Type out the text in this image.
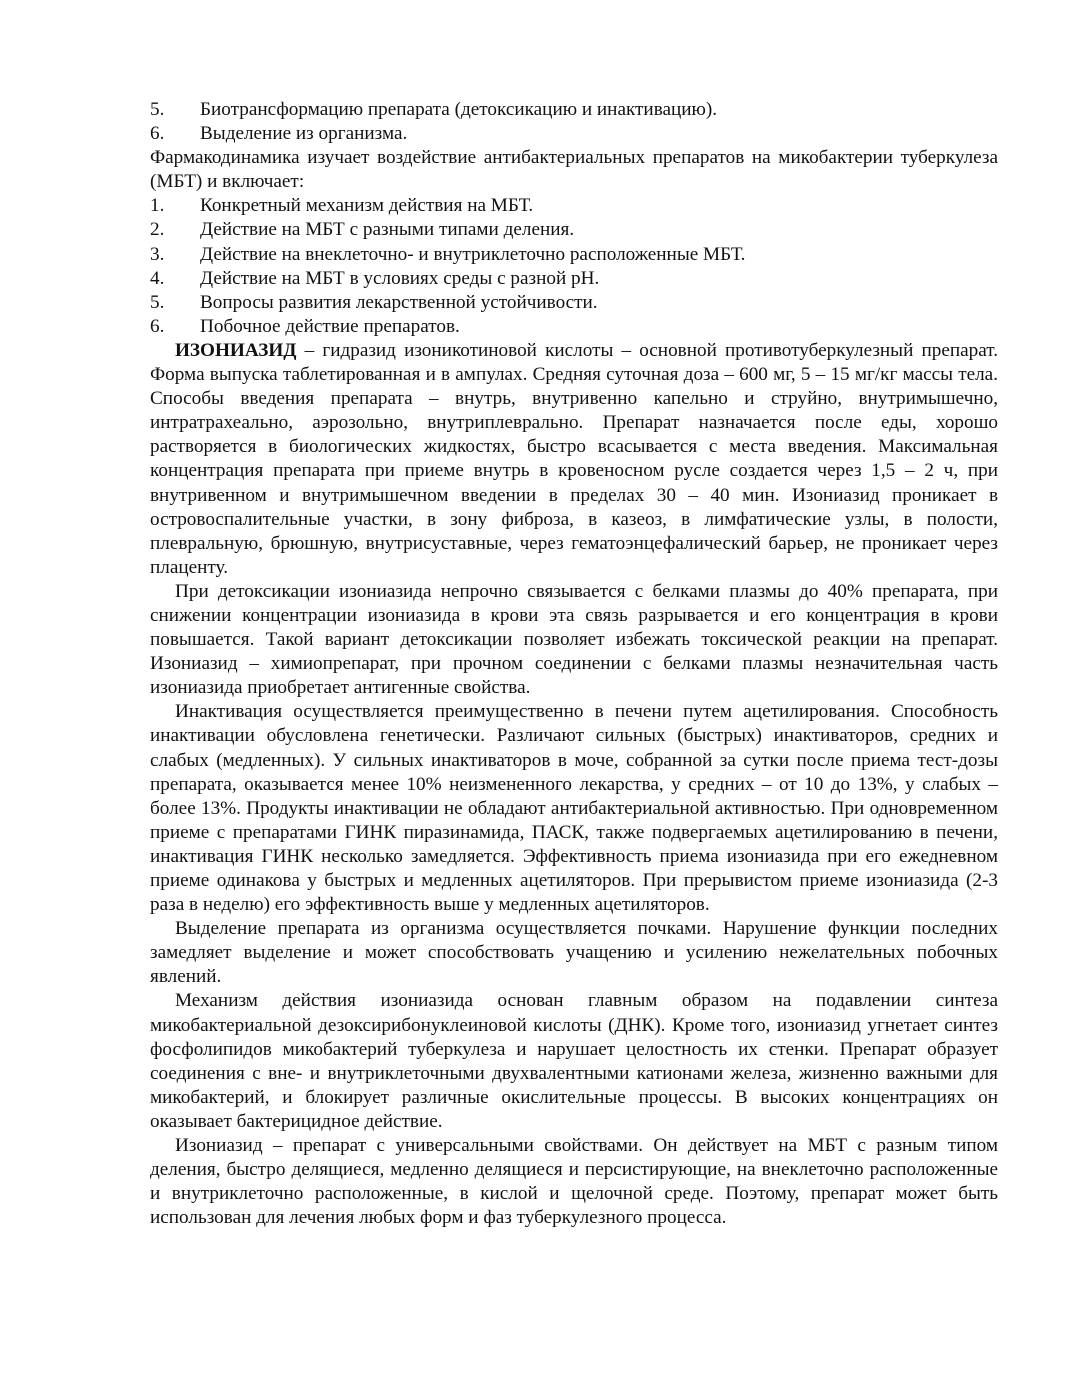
5.	Биотрансформацию препарата (детоксикацию и инактивацию).
6.	Выделение из организма.

Фармакодинамика изучает воздействие антибактериальных препаратов на микобактерии туберкулеза (МБТ) и включает:

1.	Конкретный механизм действия на МБТ.
2.	Действие на МБТ с разными типами деления.
3.	Действие на внеклеточно- и внутриклеточно расположенные МБТ.
4.	Действие на МБТ в условиях среды с разной pH.
5.	Вопросы развития лекарственной устойчивости.
6.	Побочное действие препаратов.

ИЗОНИАЗИД – гидразид изоникотиновой кислоты – основной противотуберкулезный препарат. Форма выпуска таблетированная и в ампулах. Средняя суточная доза – 600 мг, 5 – 15 мг/кг массы тела. Способы введения препарата – внутрь, внутривенно капельно и струйно, внутримышечно, интратрахеально, аэрозольно, внутриплеврально. Препарат назначается после еды, хорошо растворяется в биологических жидкостях, быстро всасывается с места введения. Максимальная концентрация препарата при приеме внутрь в кровеносном русле создается через 1,5 – 2 ч, при внутривенном и внутримышечном введении в пределах 30 – 40 мин. Изониазид проникает в островоспалительные участки, в зону фиброза, в казеоз, в лимфатические узлы, в полости, плевральную, брюшную, внутрисуставные, через гематоэнцефалический барьер, не проникает через плаценту.

При детоксикации изониазида непрочно связывается с белками плазмы до 40% препарата, при снижении концентрации изониазида в крови эта связь разрывается и его концентрация в крови повышается. Такой вариант детоксикации позволяет избежать токсической реакции на препарат. Изониазид – химиопрепарат, при прочном соединении с белками плазмы незначительная часть изониазида приобретает антигенные свойства.

Инактивация осуществляется преимущественно в печени путем ацетилирования. Способность инактивации обусловлена генетически. Различают сильных (быстрых) инактиваторов, средних и слабых (медленных). У сильных инактиваторов в моче, собранной за сутки после приема тест-дозы препарата, оказывается менее 10% неизмененного лекарства, у средних – от 10 до 13%, у слабых – более 13%. Продукты инактивации не обладают антибактериальной активностью. При одновременном приеме с препаратами ГИНК пиразинамида, ПАСК, также подвергаемых ацетилированию в печени, инактивация ГИНК несколько замедляется. Эффективность приема изониазида при его ежедневном приеме одинакова у быстрых и медленных ацетиляторов. При прерывистом приеме изониазида (2-3 раза в неделю) его эффективность выше у медленных ацетиляторов.

Выделение препарата из организма осуществляется почками. Нарушение функции последних замедляет выделение и может способствовать учащению и усилению нежелательных побочных явлений.

Механизм действия изониазида основан главным образом на подавлении синтеза микобактериальной дезоксирибонуклеиновой кислоты (ДНК). Кроме того, изониазид угнетает синтез фосфолипидов микобактерий туберкулеза и нарушает целостность их стенки. Препарат образует соединения с вне- и внутриклеточными двухвалентными катионами железа, жизненно важными для микобактерий, и блокирует различные окислительные процессы. В высоких концентрациях он оказывает бактерицидное действие.

Изониазид – препарат с универсальными свойствами. Он действует на МБТ с разным типом деления, быстро делящиеся, медленно делящиеся и персистирующие, на внеклеточно расположенные и внутриклеточно расположенные, в кислой и щелочной среде. Поэтому, препарат может быть использован для лечения любых форм и фаз туберкулезного процесса.
